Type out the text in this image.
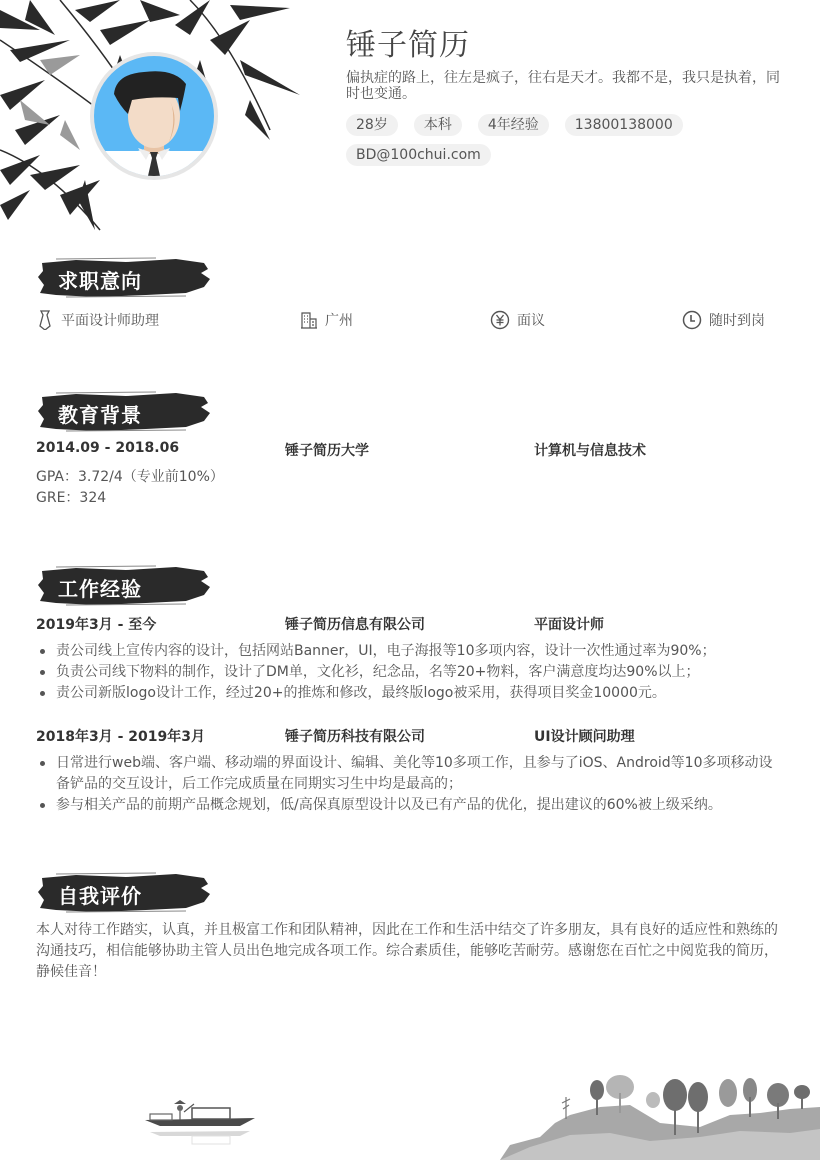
锤子简历
偏执症的路上，往左是疯子，往右是天才。我都不是，我只是执着，同时也变通。
28岁	本科	4年经验	13800138000
BD@100chui.com
求职意向
平面设计师助理	广州	面议	随时到岗
教育背景
2014.09 - 2018.06	锤子简历大学	计算机与信息技术
GPA：3.72/4（专业前10%）
GRE：324
工作经验
2019年3月 - 至今	锤子简历信息有限公司	平面设计师
责公司线上宣传内容的设计，包括网站Banner，UI，电子海报等10多项内容，设计一次性通过率为90%；
负责公司线下物料的制作，设计了DM单，文化衫，纪念品，名等20+物料，客户满意度均达90%以上；
责公司新版logo设计工作，经过20+的推炼和修改，最终版logo被采用，获得项目奖金10000元。
2018年3月 - 2019年3月	锤子简历科技有限公司	UI设计顾问助理
日常进行web端、客户端、移动端的界面设计、编辑、美化等10多项工作，且参与了iOS、Android等10多项移动设备铲品的交互设计，后工作完成质量在同期实习生中均是最高的；
参与相关产品的前期产品概念规划，低/高保真原型设计以及已有产品的优化，提出建议的60%被上级采纳。
自我评价
本人对待工作踏实，认真，并且极富工作和团队精神，因此在工作和生活中结交了许多朋友，具有良好的适应性和熟练的沟通技巧，相信能够协助主管人员出色地完成各项工作。综合素质佳，能够吃苦耐劳。感谢您在百忙之中阅览我的简历，静候佳音！
